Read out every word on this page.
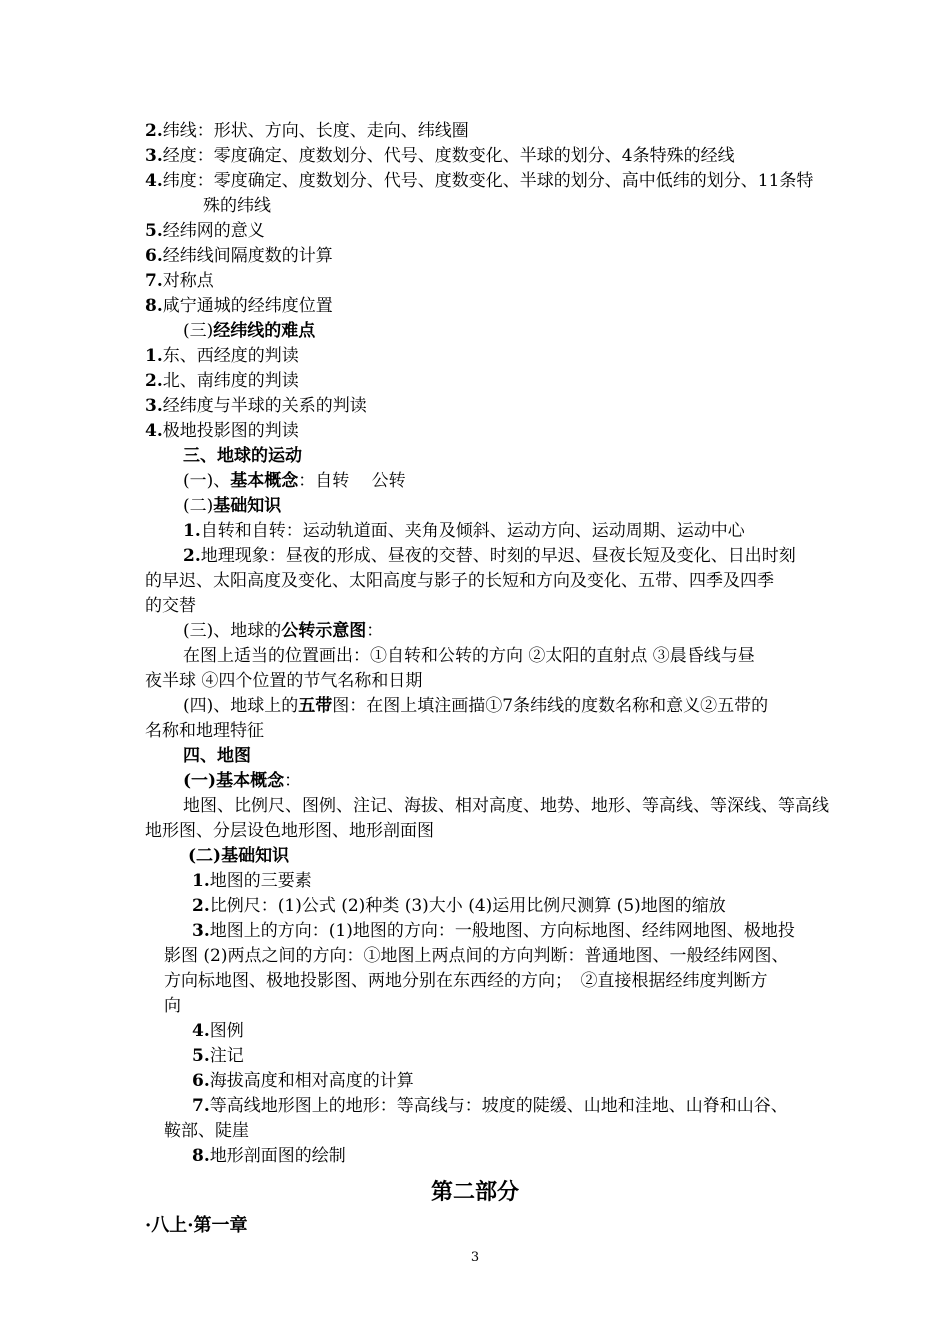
2.纬线：形状、方向、长度、走向、纬线圈
3.经度：零度确定、度数划分、代号、度数变化、半球的划分、4条特殊的经线
4.纬度：零度确定、度数划分、代号、度数变化、半球的划分、高中低纬的划分、11条特
殊的纬线
5.经纬网的意义
6.经纬线间隔度数的计算
7.对称点
8.咸宁通城的经纬度位置
(三)经纬线的难点
1.东、西经度的判读
2.北、南纬度的判读
3.经纬度与半球的关系的判读
4.极地投影图的判读
三、地球的运动
(一)、基本概念：自转　 公转
(二)基础知识
1.自转和自转：运动轨道面、夹角及倾斜、运动方向、运动周期、运动中心
2.地理现象：昼夜的形成、昼夜的交替、时刻的早迟、昼夜长短及变化、日出时刻
的早迟、太阳高度及变化、太阳高度与影子的长短和方向及变化、五带、四季及四季
的交替
(三)、地球的公转示意图：
在图上适当的位置画出：①自转和公转的方向 ②太阳的直射点 ③晨昏线与昼
夜半球 ④四个位置的节气名称和日期
(四)、地球上的五带图：在图上填注画描①7条纬线的度数名称和意义②五带的
名称和地理特征
四、地图
(一)基本概念：
地图、比例尺、图例、注记、海拔、相对高度、地势、地形、等高线、等深线、等高线
地形图、分层设色地形图、地形剖面图
(二)基础知识
1.地图的三要素
2.比例尺：(1)公式 (2)种类 (3)大小 (4)运用比例尺测算 (5)地图的缩放
3.地图上的方向：(1)地图的方向：一般地图、方向标地图、经纬网地图、极地投
影图 (2)两点之间的方向：①地图上两点间的方向判断：普通地图、一般经纬网图、
方向标地图、极地投影图、两地分别在东西经的方向；　②直接根据经纬度判断方
向
4.图例
5.注记
6.海拔高度和相对高度的计算
7.等高线地形图上的地形：等高线与：坡度的陡缓、山地和洼地、山脊和山谷、
鞍部、陡崖
8.地形剖面图的绘制
第二部分
·八上·第一章
3
